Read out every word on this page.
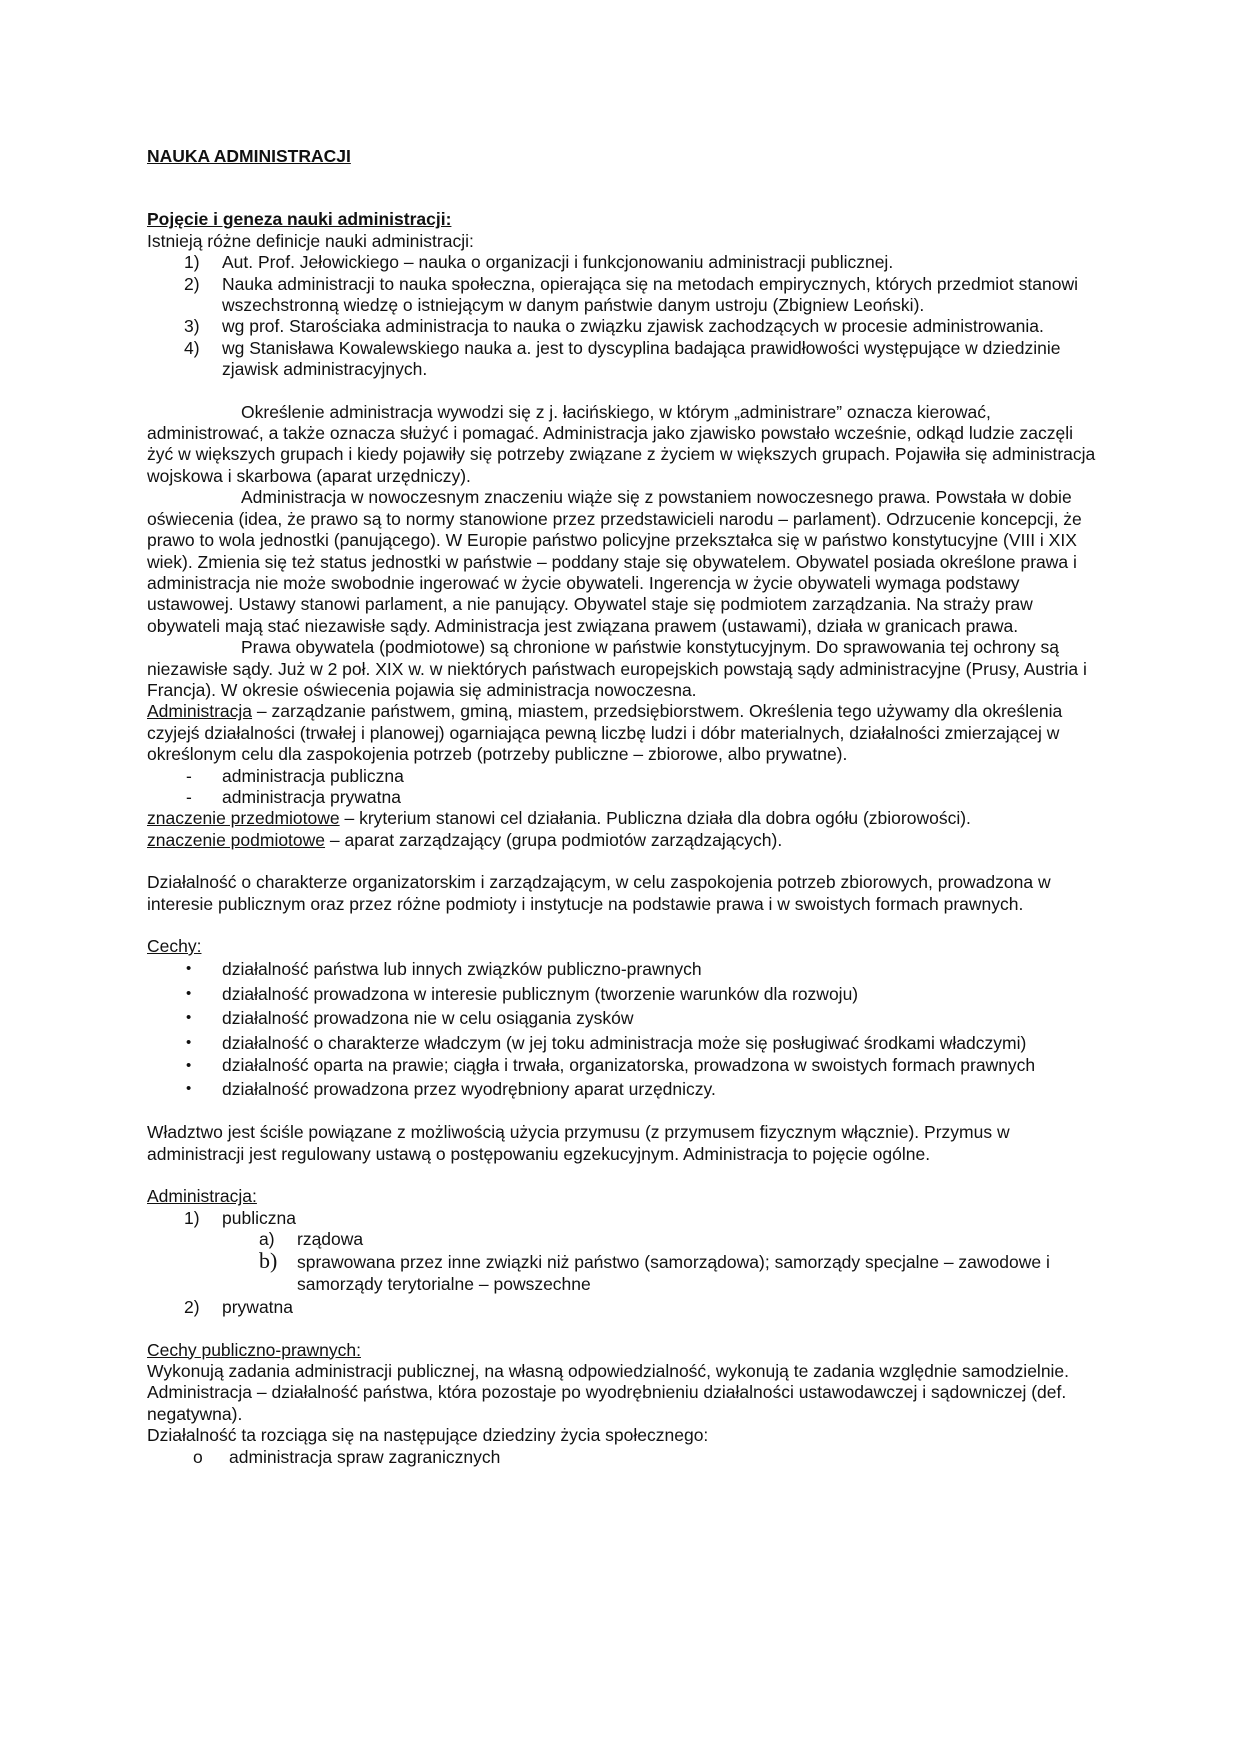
NAUKA ADMINISTRACJI

Pojęcie i geneza nauki administracji:

Istnieją różne definicje nauki administracji:

1) Aut. Prof. Jełowickiego – nauka o organizacji i funkcjonowaniu administracji publicznej.
2) Nauka administracji to nauka społeczna, opierająca się na metodach empirycznych, których przedmiot stanowi wszechstronną wiedzę o istniejącym w danym państwie danym ustroju (Zbigniew Leoński).
3) wg prof. Starościaka administracja to nauka o związku zjawisk zachodzących w procesie administrowania.
4) wg Stanisława Kowalewskiego nauka a. jest to dyscyplina badająca prawidłowości występujące w dziedzinie zjawisk administracyjnych.

Określenie administracja wywodzi się z j. łacińskiego, w którym „administrare” oznacza kierować, administrować, a także oznacza służyć i pomagać. Administracja jako zjawisko powstało wcześnie, odkąd ludzie zaczęli żyć w większych grupach i kiedy pojawiły się potrzeby związane z życiem w większych grupach. Pojawiła się administracja wojskowa i skarbowa (aparat urzędniczy).

Administracja w nowoczesnym znaczeniu wiąże się z powstaniem nowoczesnego prawa. Powstała w dobie oświecenia (idea, że prawo są to normy stanowione przez przedstawicieli narodu – parlament). Odrzucenie koncepcji, że prawo to wola jednostki (panującego). W Europie państwo policyjne przekształca się w państwo konstytucyjne (VIII i XIX wiek). Zmienia się też status jednostki w państwie – poddany staje się obywatelem. Obywatel posiada określone prawa i administracja nie może swobodnie ingerować w życie obywateli. Ingerencja w życie obywateli wymaga podstawy ustawowej. Ustawy stanowi parlament, a nie panujący. Obywatel staje się podmiotem zarządzania. Na straży praw obywateli mają stać niezawisłe sądy. Administracja jest związana prawem (ustawami), działa w granicach prawa.

Prawa obywatela (podmiotowe) są chronione w państwie konstytucyjnym. Do sprawowania tej ochrony są niezawisłe sądy. Już w 2 poł. XIX w. w niektórych państwach europejskich powstają sądy administracyjne (Prusy, Austria i Francja). W okresie oświecenia pojawia się administracja nowoczesna.

Administracja – zarządzanie państwem, gminą, miastem, przedsiębiorstwem. Określenia tego używamy dla określenia czyjejś działalności (trwałej i planowej) ogarniająca pewną liczbę ludzi i dóbr materialnych, działalności zmierzającej w określonym celu dla zaspokojenia potrzeb (potrzeby publiczne – zbiorowe, albo prywatne).

- administracja publiczna
- administracja prywatna

znaczenie przedmiotowe – kryterium stanowi cel działania. Publiczna działa dla dobra ogółu (zbiorowości).

znaczenie podmiotowe – aparat zarządzający (grupa podmiotów zarządzających).

Działalność o charakterze organizatorskim i zarządzającym, w celu zaspokojenia potrzeb zbiorowych, prowadzona w interesie publicznym oraz przez różne podmioty i instytucje na podstawie prawa i w swoistych formach prawnych.

Cechy:

• działalność państwa lub innych związków publiczno-prawnych
• działalność prowadzona w interesie publicznym (tworzenie warunków dla rozwoju)
• działalność prowadzona nie w celu osiągania zysków
• działalność o charakterze władczym (w jej toku administracja może się posługiwać środkami władczymi)
• działalność oparta na prawie; ciągła i trwała, organizatorska, prowadzona w swoistych formach prawnych
• działalność prowadzona przez wyodrębniony aparat urzędniczy.

Władztwo jest ściśle powiązane z możliwością użycia przymusu (z przymusem fizycznym włącznie). Przymus w administracji jest regulowany ustawą o postępowaniu egzekucyjnym. Administracja to pojęcie ogólne.

Administracja:

1) publiczna
a) rządowa
b) sprawowana przez inne związki niż państwo (samorządowa); samorządy specjalne – zawodowe i samorządy terytorialne – powszechne
2) prywatna

Cechy publiczno-prawnych:

Wykonują zadania administracji publicznej, na własną odpowiedzialność, wykonują te zadania względnie samodzielnie.

Administracja – działalność państwa, która pozostaje po wyodrębnieniu działalności ustawodawczej i sądowniczej (def. negatywna).

Działalność ta rozciąga się na następujące dziedziny życia społecznego:

o administracja spraw zagranicznych
